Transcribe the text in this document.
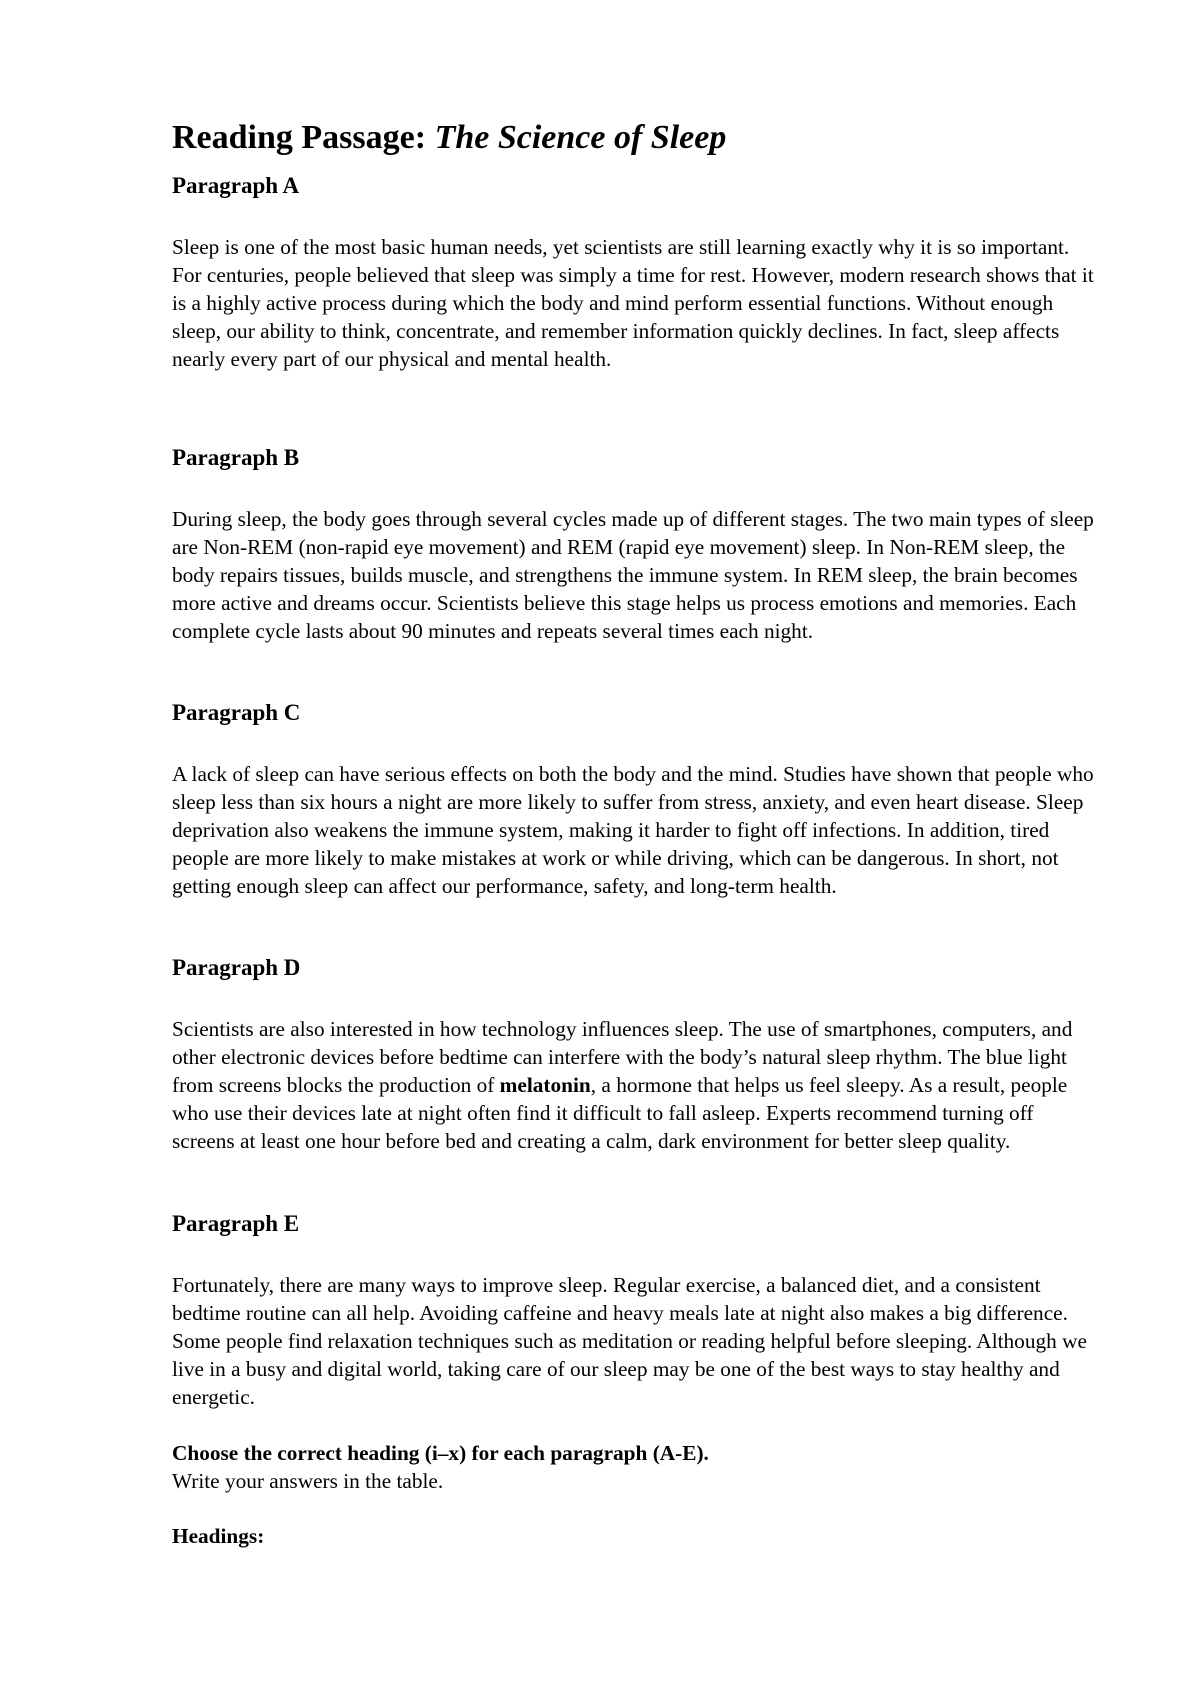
Reading Passage: The Science of Sleep
Paragraph A

Sleep is one of the most basic human needs, yet scientists are still learning exactly why it is so important. For centuries, people believed that sleep was simply a time for rest. However, modern research shows that it is a highly active process during which the body and mind perform essential functions. Without enough sleep, our ability to think, concentrate, and remember information quickly declines. In fact, sleep affects nearly every part of our physical and mental health.

Paragraph B

During sleep, the body goes through several cycles made up of different stages. The two main types of sleep are Non-REM (non-rapid eye movement) and REM (rapid eye movement) sleep. In Non-REM sleep, the body repairs tissues, builds muscle, and strengthens the immune system. In REM sleep, the brain becomes more active and dreams occur. Scientists believe this stage helps us process emotions and memories. Each complete cycle lasts about 90 minutes and repeats several times each night.

Paragraph C

A lack of sleep can have serious effects on both the body and the mind. Studies have shown that people who sleep less than six hours a night are more likely to suffer from stress, anxiety, and even heart disease. Sleep deprivation also weakens the immune system, making it harder to fight off infections. In addition, tired people are more likely to make mistakes at work or while driving, which can be dangerous. In short, not getting enough sleep can affect our performance, safety, and long-term health.

Paragraph D

Scientists are also interested in how technology influences sleep. The use of smartphones, computers, and other electronic devices before bedtime can interfere with the body’s natural sleep rhythm. The blue light from screens blocks the production of melatonin, a hormone that helps us feel sleepy. As a result, people who use their devices late at night often find it difficult to fall asleep. Experts recommend turning off screens at least one hour before bed and creating a calm, dark environment for better sleep quality.

Paragraph E

Fortunately, there are many ways to improve sleep. Regular exercise, a balanced diet, and a consistent bedtime routine can all help. Avoiding caffeine and heavy meals late at night also makes a big difference. Some people find relaxation techniques such as meditation or reading helpful before sleeping. Although we live in a busy and digital world, taking care of our sleep may be one of the best ways to stay healthy and energetic.

Choose the correct heading (i–x) for each paragraph (A-E).

Write your answers in the table.

Headings:
